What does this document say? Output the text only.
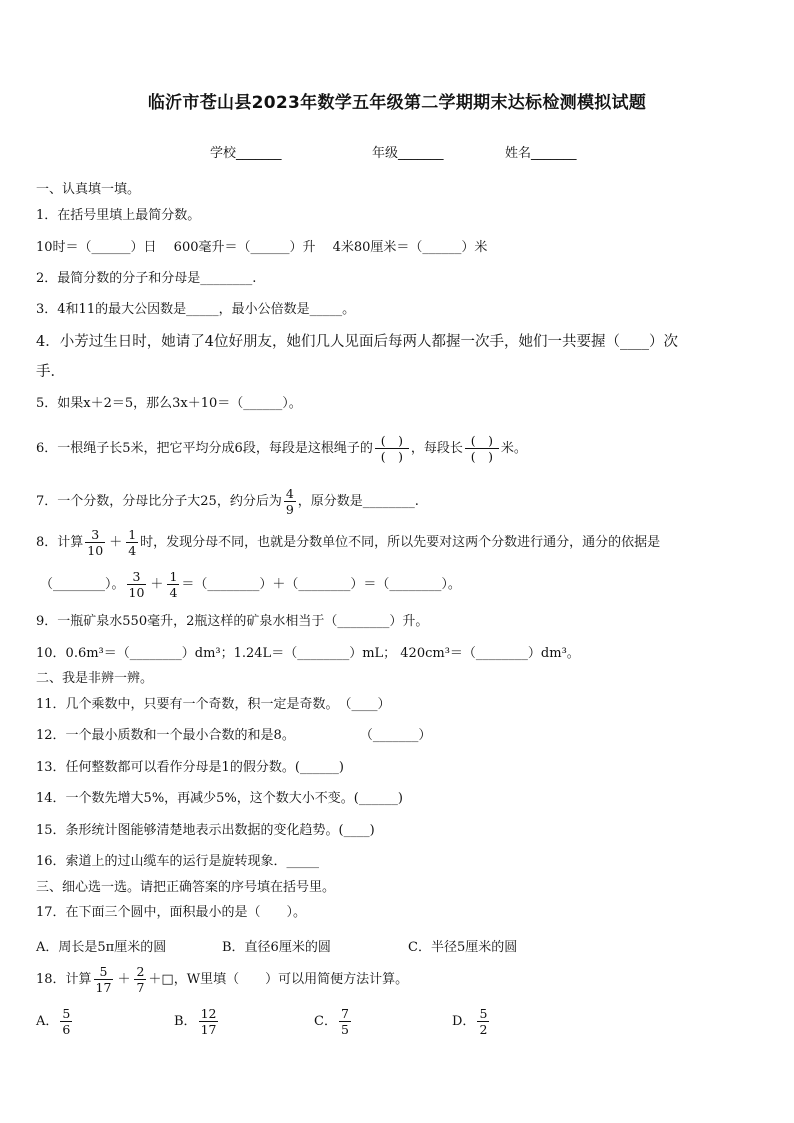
临沂市苍山县2023年数学五年级第二学期期末达标检测模拟试题
学校_______	年级_______	姓名_______
一、认真填一填。
1．在括号里填上最简分数。
10时＝（______）日　 600毫升＝（______）升　 4米80厘米＝（______）米
2．最简分数的分子和分母是________.
3．4和11的最大公因数是_____，最小公倍数是_____。
4．小芳过生日时，她请了4位好朋友，她们几人见面后每两人都握一次手，她们一共要握（____）次
手．
5．如果x＋2＝5，那么3x＋10＝（______）。
6．一根绳子长5米，把它平均分成6段，每段是这根绳子的 $\frac{( )}{( )}$ ，每段长 $\frac{( )}{( )}$ 米。
7．一个分数，分母比分子大25，约分后为 $\frac{4}{9}$ ，原分数是________.
8．计算 $\frac{3}{10} + \frac{1}{4}$ 时，发现分母不同，也就是分数单位不同，所以先要对这两个分数进行通分，通分的依据是
（________）。 $\frac{3}{10} + \frac{1}{4}$ ＝（________）＋（________）＝（________）。
9．一瓶矿泉水550毫升，2瓶这样的矿泉水相当于（________）升。
10．0.6m³＝（________）dm³；1.24L＝（________）mL； 420cm³＝（________）dm³。
二、我是非辨一辨。
11．几个乘数中，只要有一个奇数，积一定是奇数。　（____）
12．一个最小质数和一个最小合数的和是8。　　　　　　（_______）
13．任何整数都可以看作分母是1的假分数。(______)
14．一个数先增大5%，再减少5%，这个数大小不变。(______)
15．条形统计图能够清楚地表示出数据的变化趋势。(____)
16．索道上的过山缆车的运行是旋转现象．_____
三、细心选一选。请把正确答案的序号填在括号里。
17．在下面三个圆中，面积最小的是（　　）。
A．周长是5π厘米的圆	B．直径6厘米的圆	C．半径5厘米的圆
18．计算 $\frac{5}{17} + \frac{2}{7}$ ＋□，W里填（　　）可以用简便方法计算。
A． $\frac{5}{6}$	B． $\frac{12}{17}$	C． $\frac{7}{5}$	D． $\frac{5}{2}$
